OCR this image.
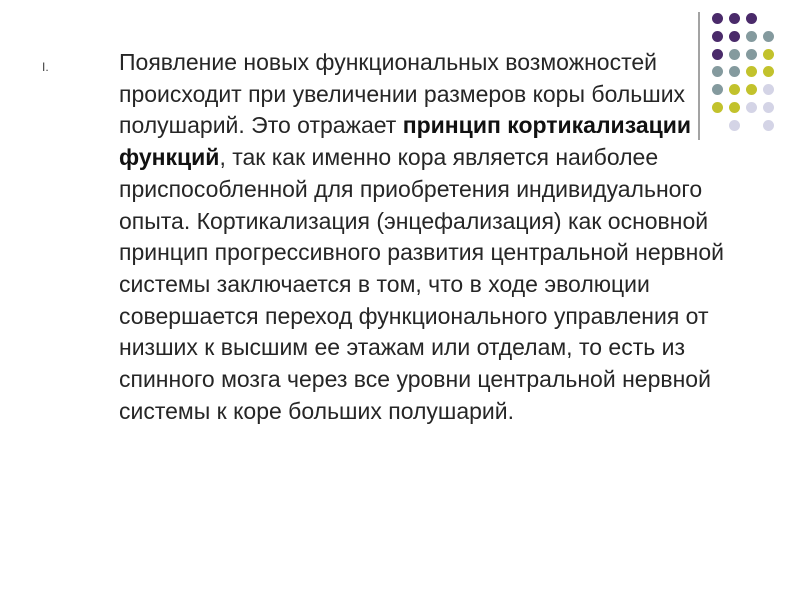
I.	Появление новых функциональных возможностей происходит при увеличении размеров коры больших полушарий. Это отражает принцип кортикализации функций, так как именно кора является наиболее приспособленной для приобретения индивидуального опыта. Кортикализация (энцефализация) как основной принцип прогрессивного развития центральной нервной системы заключается в том, что в ходе эволюции совершается переход функционального управления от низших к высшим ее этажам или отделам, то есть из спинного мозга через все уровни центральной нервной системы к коре больших полушарий.
